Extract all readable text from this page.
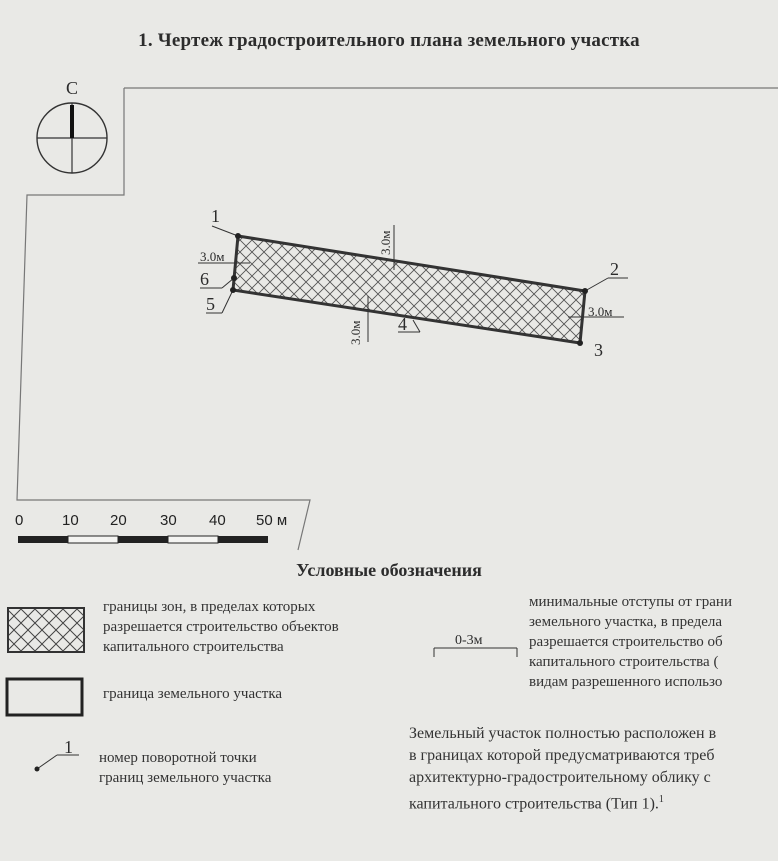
1. Чертеж градостроительного плана земельного участка
С
3.0м
3.0м
3.0м
3.0м
1
2
3
4
5
6
0	10 20 30 40 50 м
1
0-3м
Условные обозначения
границы зон, в пределах которых
разрешается строительство объектов
капитального строительства
граница земельного участка
номер поворотной точки
границ земельного участка
минимальные отступы от грани
земельного участка, в предела
разрешается строительство об
капитального строительства (
видам разрешенного использо
Земельный участок полностью расположен в
в границах которой предусматриваются треб
архитектурно-градостроительному облику с
капитального строительства (Тип 1).$^1$
